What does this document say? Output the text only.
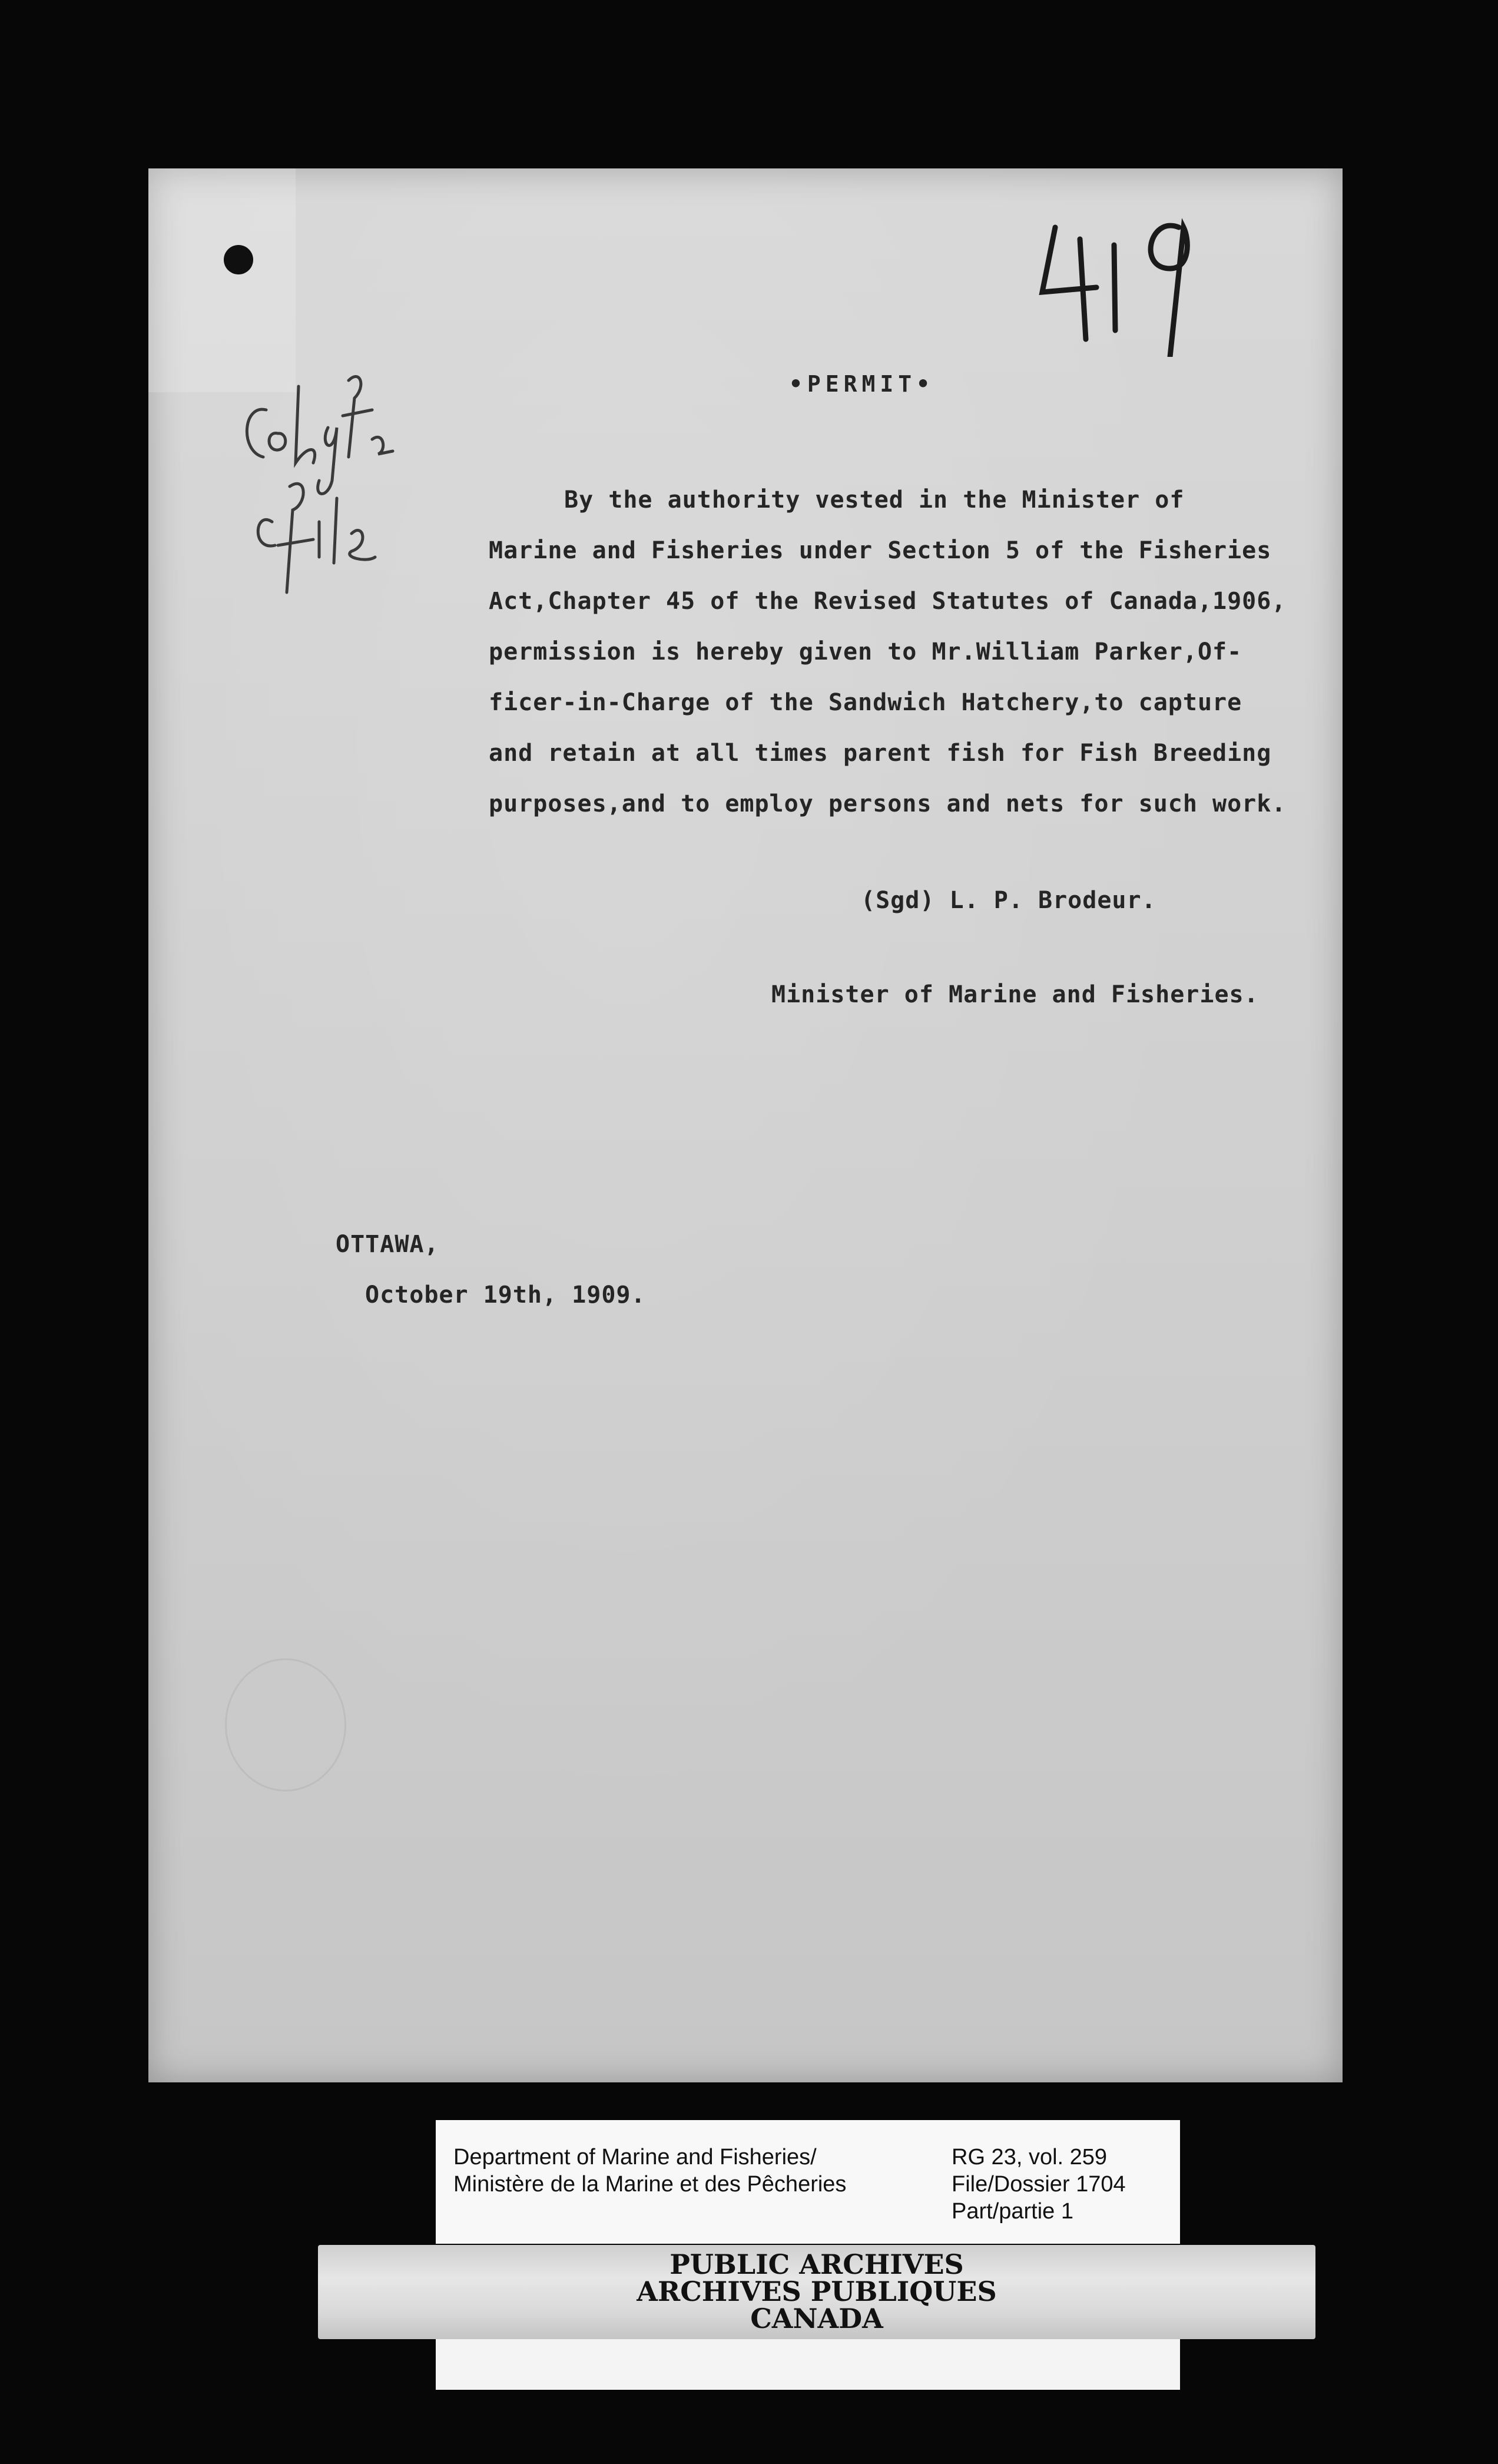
•PERMIT•
By the authority vested in the Minister of
Marine and Fisheries under Section 5 of the Fisheries
Act,Chapter 45 of the Revised Statutes of Canada,1906,
permission is hereby given to Mr.William Parker,Of-
ficer-in-Charge of the Sandwich Hatchery,to capture
and retain at all times parent fish for Fish Breeding
purposes,and to employ persons and nets for such work.
(Sgd) L. P. Brodeur.
Minister of Marine and Fisheries.
OTTAWA,
October 19th, 1909.
Department of Marine and Fisheries/
Ministère de la Marine et des Pêcheries
RG 23, vol. 259
File/Dossier 1704
Part/partie 1
PUBLIC ARCHIVES
ARCHIVES PUBLIQUES
CANADA
